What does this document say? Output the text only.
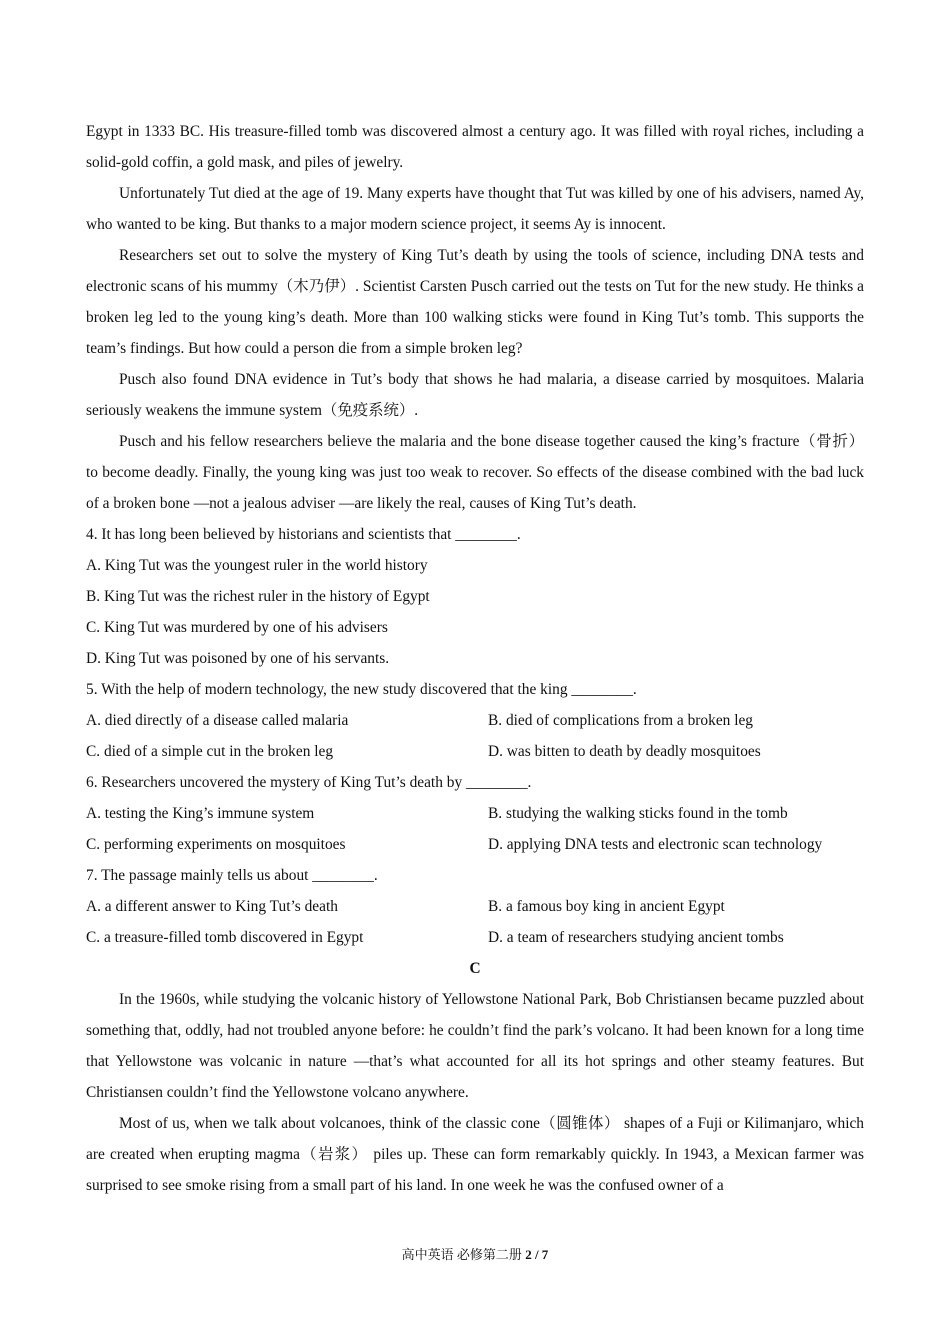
Egypt in 1333 BC. His treasure-filled tomb was discovered almost a century ago. It was filled with royal riches, including a solid-gold coffin, a gold mask, and piles of jewelry.

Unfortunately Tut died at the age of 19. Many experts have thought that Tut was killed by one of his advisers, named Ay, who wanted to be king. But thanks to a major modern science project, it seems Ay is innocent.

Researchers set out to solve the mystery of King Tut’s death by using the tools of science, including DNA tests and electronic scans of his mummy（木乃伊）. Scientist Carsten Pusch carried out the tests on Tut for the new study. He thinks a broken leg led to the young king’s death. More than 100 walking sticks were found in King Tut’s tomb. This supports the team’s findings. But how could a person die from a simple broken leg?

Pusch also found DNA evidence in Tut’s body that shows he had malaria, a disease carried by mosquitoes. Malaria seriously weakens the immune system（免疫系统）.

Pusch and his fellow researchers believe the malaria and the bone disease together caused the king’s fracture（骨折） to become deadly. Finally, the young king was just too weak to recover. So effects of the disease combined with the bad luck of a broken bone —not a jealous adviser —are likely the real, causes of King Tut’s death.

4. It has long been believed by historians and scientists that ________.
A. King Tut was the youngest ruler in the world history
B. King Tut was the richest ruler in the history of Egypt
C. King Tut was murdered by one of his advisers
D. King Tut was poisoned by one of his servants.
5. With the help of modern technology, the new study discovered that the king ________.
A. died directly of a disease called malaria	B. died of complications from a broken leg
C. died of a simple cut in the broken leg	D. was bitten to death by deadly mosquitoes
6. Researchers uncovered the mystery of King Tut’s death by ________.
A. testing the King’s immune system	B. studying the walking sticks found in the tomb
C. performing experiments on mosquitoes	D. applying DNA tests and electronic scan technology
7. The passage mainly tells us about ________.
A. a different answer to King Tut’s death	B. a famous boy king in ancient Egypt
C. a treasure-filled tomb discovered in Egypt	D. a team of researchers studying ancient tombs
C

In the 1960s, while studying the volcanic history of Yellowstone National Park, Bob Christiansen became puzzled about something that, oddly, had not troubled anyone before: he couldn’t find the park’s volcano. It had been known for a long time that Yellowstone was volcanic in nature —that’s what accounted for all its hot springs and other steamy features. But Christiansen couldn’t find the Yellowstone volcano anywhere.

Most of us, when we talk about volcanoes, think of the classic cone（圆锥体） shapes of a Fuji or Kilimanjaro, which are created when erupting magma（岩浆） piles up. These can form remarkably quickly. In 1943, a Mexican farmer was surprised to see smoke rising from a small part of his land. In one week he was the confused owner of a

高中英语 必修第二册 2 / 7
